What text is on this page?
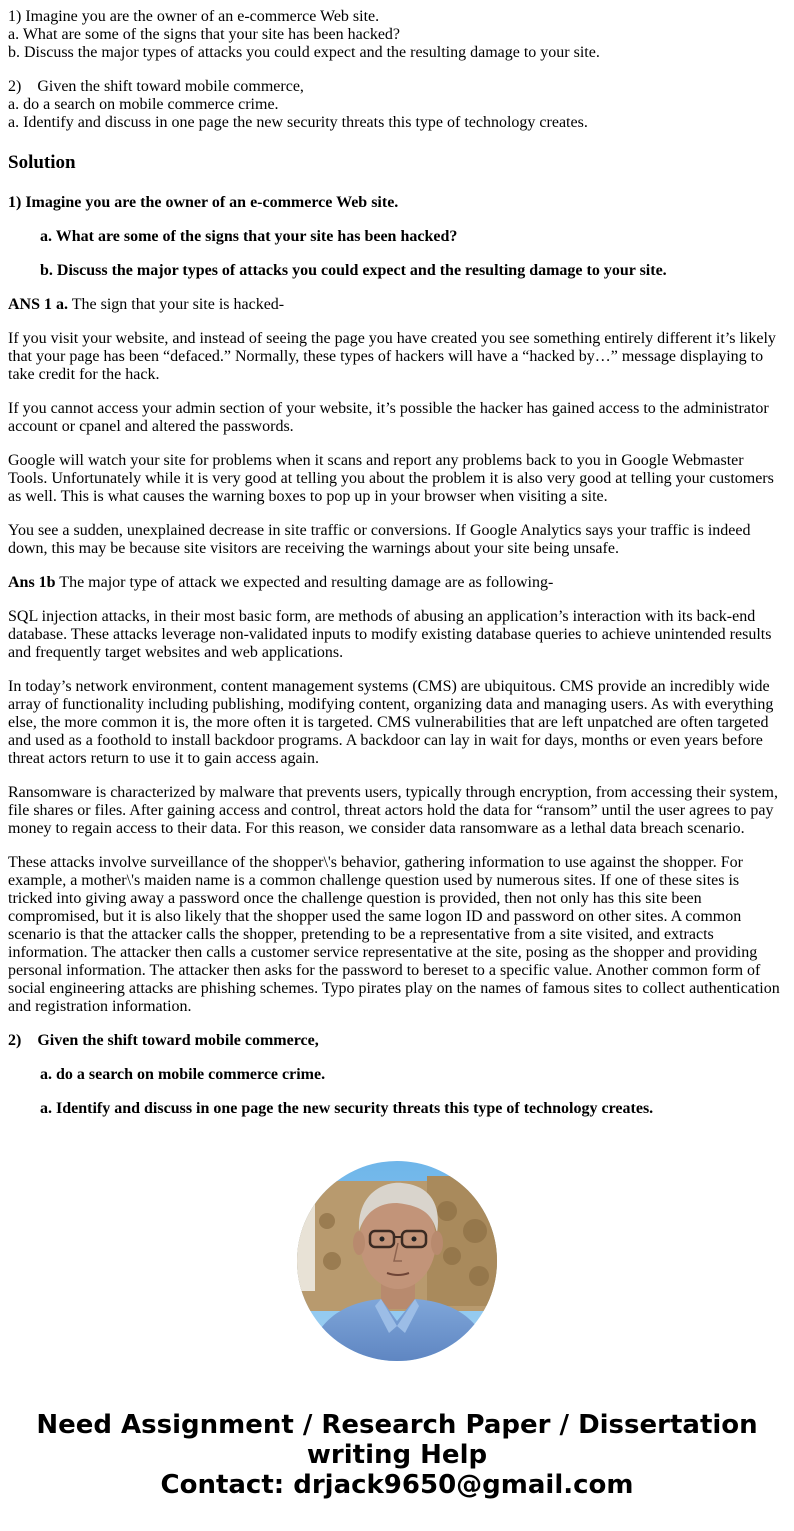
1) Imagine you are the owner of an e-commerce Web site.
a. What are some of the signs that your site has been hacked?
b. Discuss the major types of attacks you could expect and the resulting damage to your site.
2)    Given the shift toward mobile commerce,
a. do a search on mobile commerce crime.
a. Identify and discuss in one page the new security threats this type of technology creates.
Solution

1) Imagine you are the owner of an e-commerce Web site.

a. What are some of the signs that your site has been hacked?

b. Discuss the major types of attacks you could expect and the resulting damage to your site.

ANS 1 a. The sign that your site is hacked-

If you visit your website, and instead of seeing the page you have created you see something entirely different it’s likely that your page has been “defaced.” Normally, these types of hackers will have a “hacked by…” message displaying to take credit for the hack.

If you cannot access your admin section of your website, it’s possible the hacker has gained access to the administrator account or cpanel and altered the passwords.

Google will watch your site for problems when it scans and report any problems back to you in Google Webmaster Tools. Unfortunately while it is very good at telling you about the problem it is also very good at telling your customers as well. This is what causes the warning boxes to pop up in your browser when visiting a site.

You see a sudden, unexplained decrease in site traffic or conversions. If Google Analytics says your traffic is indeed down, this may be because site visitors are receiving the warnings about your site being unsafe.

Ans 1b The major type of attack we expected and resulting damage are as following-

SQL injection attacks, in their most basic form, are methods of abusing an application’s interaction with its back-end database. These attacks leverage non-validated inputs to modify existing database queries to achieve unintended results and frequently target websites and web applications.

In today’s network environment, content management systems (CMS) are ubiquitous. CMS provide an incredibly wide array of functionality including publishing, modifying content, organizing data and managing users. As with everything else, the more common it is, the more often it is targeted. CMS vulnerabilities that are left unpatched are often targeted and used as a foothold to install backdoor programs. A backdoor can lay in wait for days, months or even years before threat actors return to use it to gain access again.

Ransomware is characterized by malware that prevents users, typically through encryption, from accessing their system, file shares or files. After gaining access and control, threat actors hold the data for “ransom” until the user agrees to pay money to regain access to their data. For this reason, we consider data ransomware as a lethal data breach scenario.

These attacks involve surveillance of the shopper\'s behavior, gathering information to use against the shopper. For example, a mother\'s maiden name is a common challenge question used by numerous sites. If one of these sites is tricked into giving away a password once the challenge question is provided, then not only has this site been compromised, but it is also likely that the shopper used the same logon ID and password on other sites. A common scenario is that the attacker calls the shopper, pretending to be a representative from a site visited, and extracts information. The attacker then calls a customer service representative at the site, posing as the shopper and providing personal information. The attacker then asks for the password to bereset to a specific value. Another common form of social engineering attacks are phishing schemes. Typo pirates play on the names of famous sites to collect authentication and registration information.

2)    Given the shift toward mobile commerce,

a. do a search on mobile commerce crime.

a. Identify and discuss in one page the new security threats this type of technology creates.

Need Assignment / Research Paper / Dissertation
writing Help
Contact: drjack9650@gmail.com
